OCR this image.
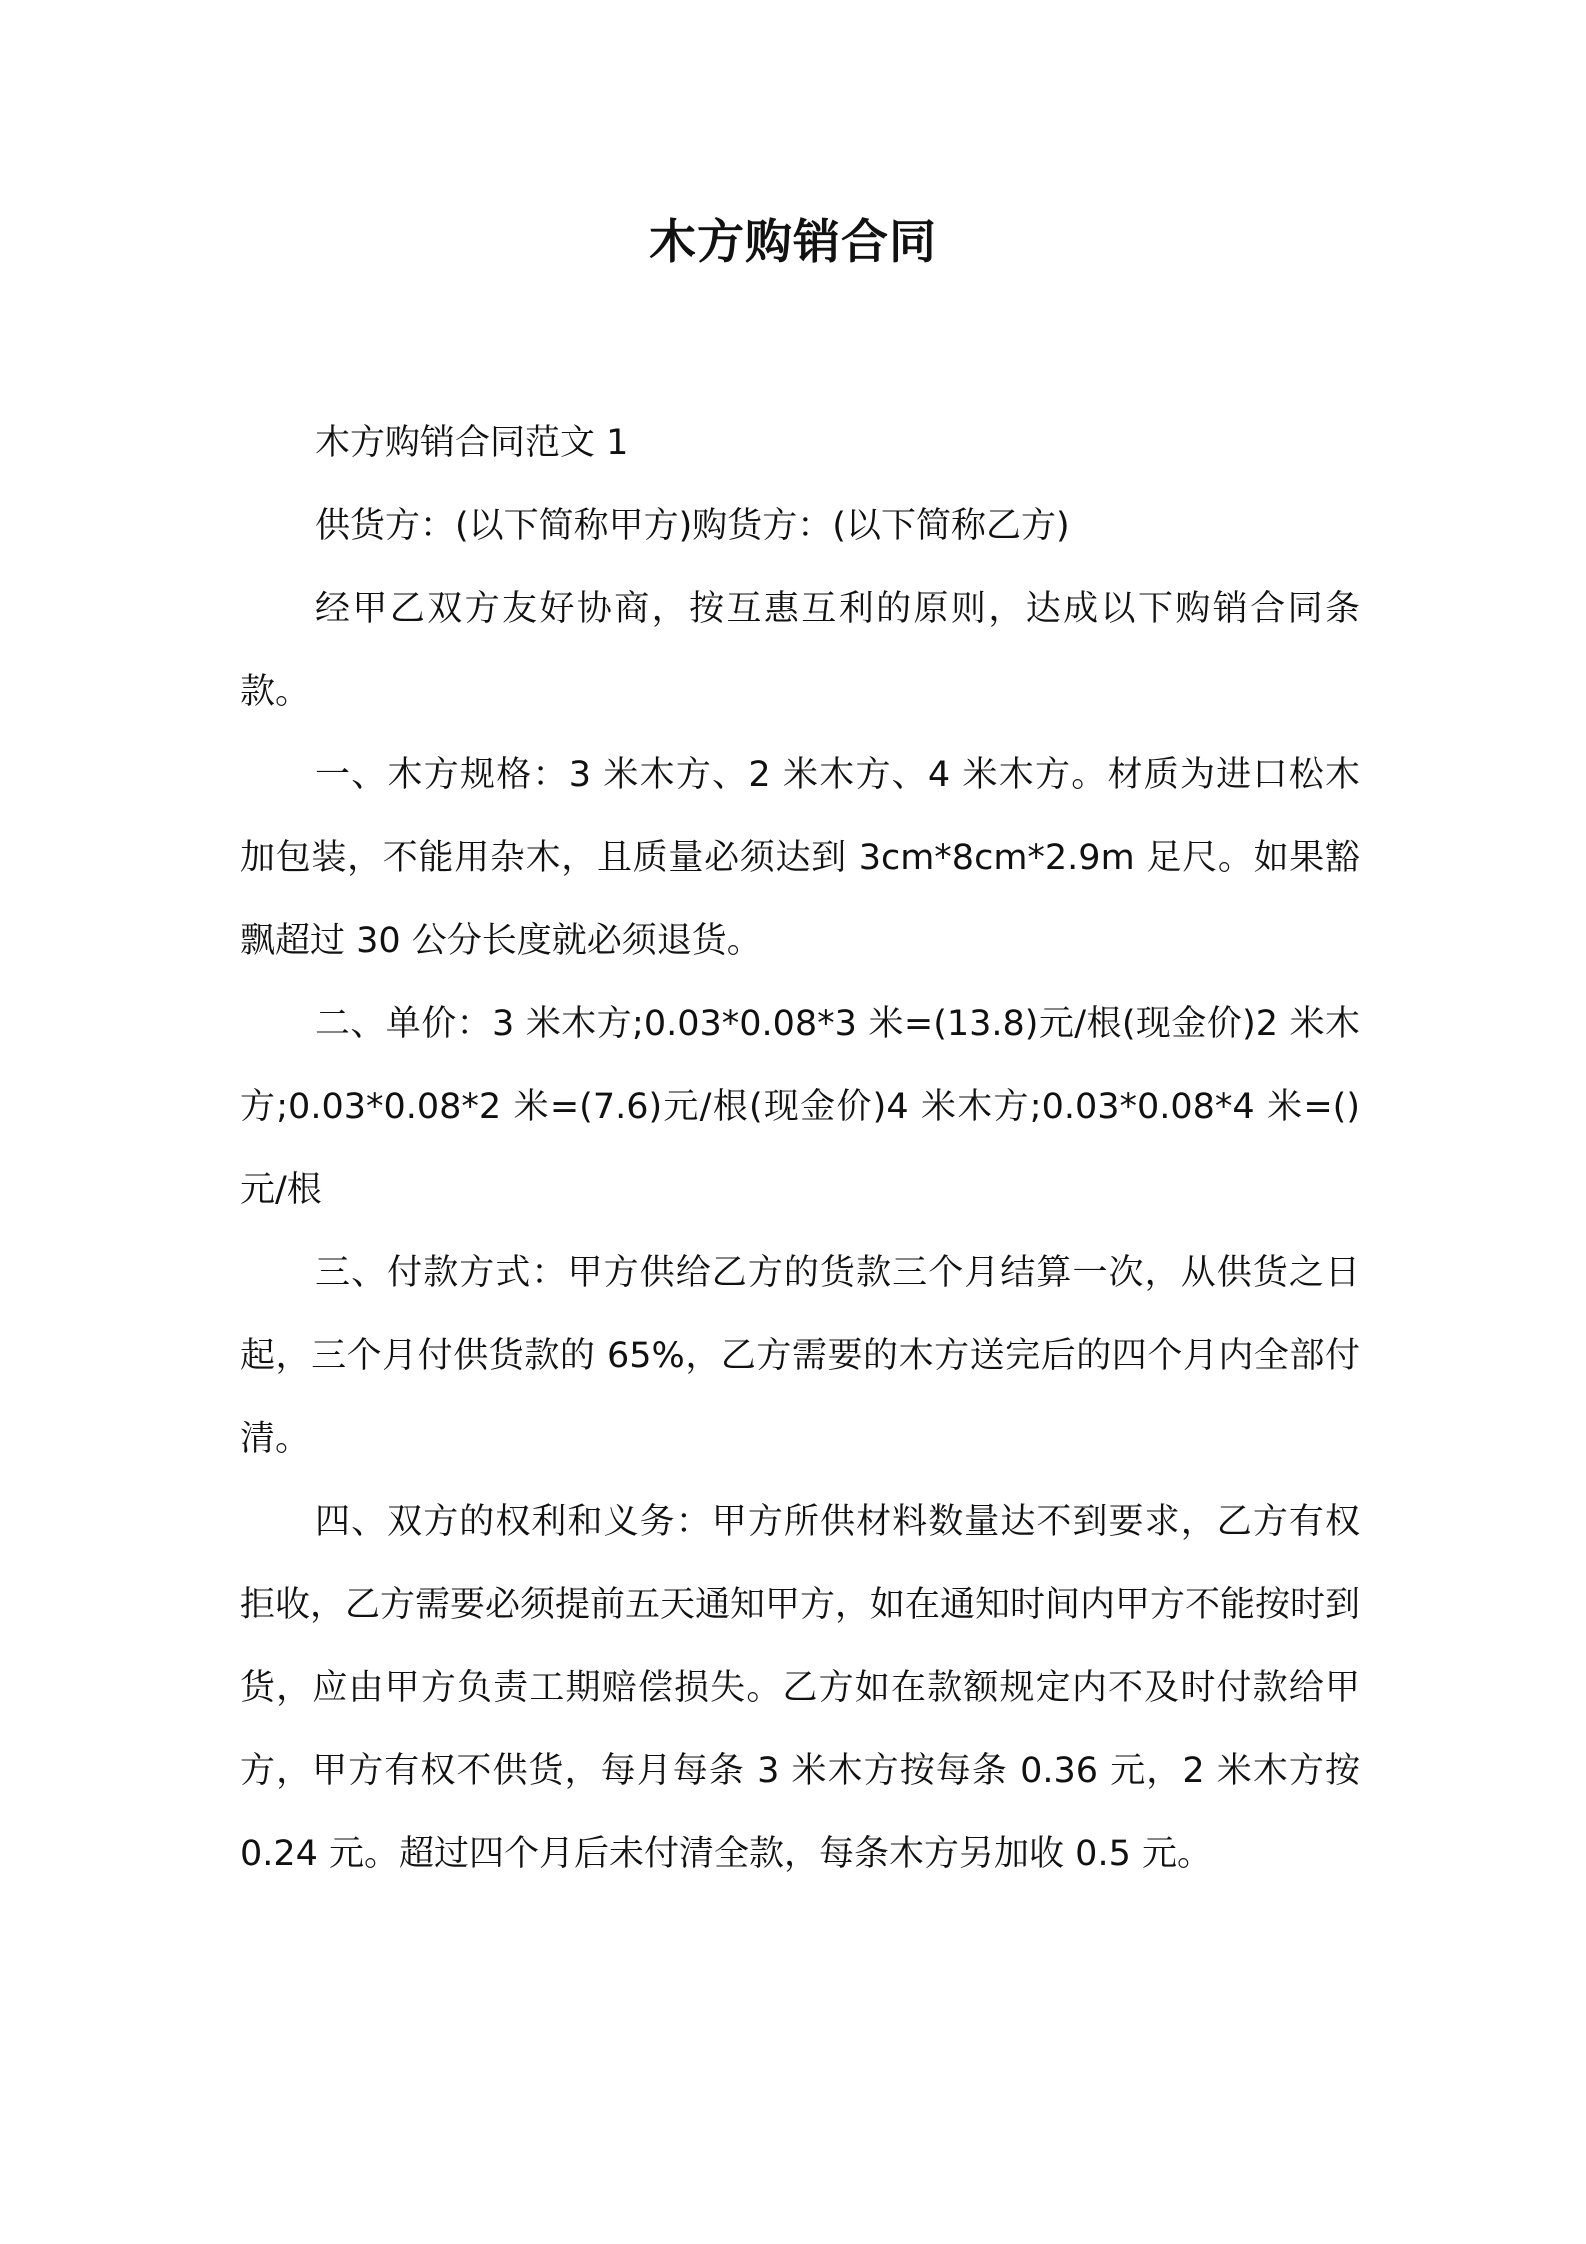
木方购销合同

木方购销合同范文 1

供货方：(以下简称甲方)购货方：(以下简称乙方)

经甲乙双方友好协商，按互惠互利的原则，达成以下购销合同条款。

一、木方规格：3 米木方、2 米木方、4 米木方。材质为进口松木加包装，不能用杂木，且质量必须达到 3cm*8cm*2.9m 足尺。如果豁飘超过 30 公分长度就必须退货。

二、单价：3 米木方;0.03*0.08*3 米=(13.8)元/根(现金价)2 米木方;0.03*0.08*2 米=(7.6)元/根(现金价)4 米木方;0.03*0.08*4 米=()元/根

三、付款方式：甲方供给乙方的货款三个月结算一次，从供货之日起，三个月付供货款的 65%，乙方需要的木方送完后的四个月内全部付清。

四、双方的权利和义务：甲方所供材料数量达不到要求，乙方有权拒收，乙方需要必须提前五天通知甲方，如在通知时间内甲方不能按时到货，应由甲方负责工期赔偿损失。乙方如在款额规定内不及时付款给甲方，甲方有权不供货，每月每条 3 米木方按每条 0.36 元，2 米木方按 0.24 元。超过四个月后未付清全款，每条木方另加收 0.5 元。
